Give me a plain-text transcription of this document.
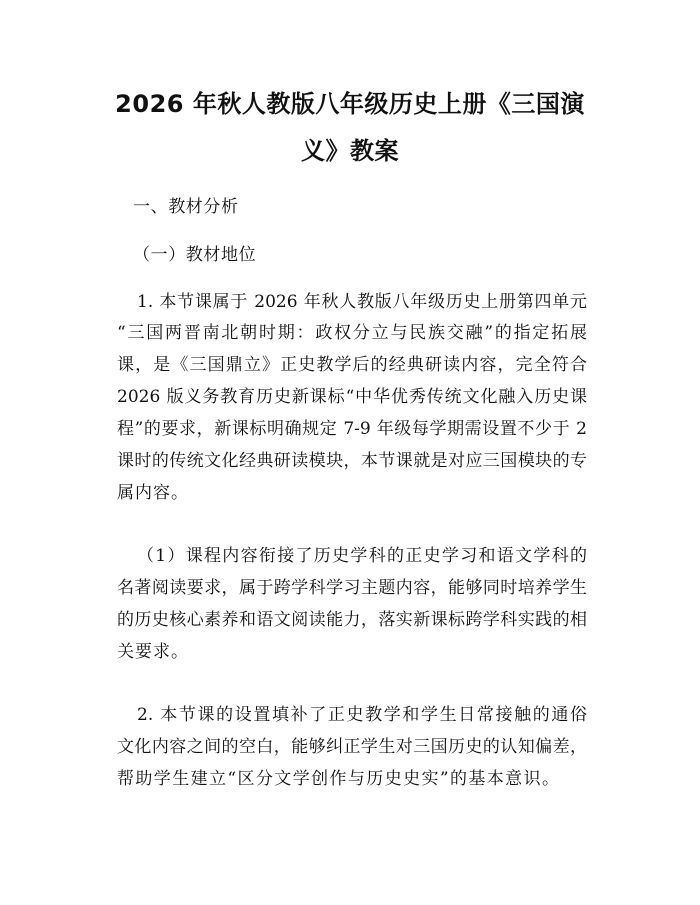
2026 年秋人教版八年级历史上册《三国演
义》教案
一、教材分析
（一）教材地位
1. 本节课属于 2026 年秋人教版八年级历史上册第四单元
“三国两晋南北朝时期：政权分立与民族交融”的指定拓展
课，是《三国鼎立》正史教学后的经典研读内容，完全符合
2026 版义务教育历史新课标“中华优秀传统文化融入历史课
程”的要求，新课标明确规定 7-9 年级每学期需设置不少于 2
课时的传统文化经典研读模块，本节课就是对应三国模块的专
属内容。
（1）课程内容衔接了历史学科的正史学习和语文学科的
名著阅读要求，属于跨学科学习主题内容，能够同时培养学生
的历史核心素养和语文阅读能力，落实新课标跨学科实践的相
关要求。
2. 本节课的设置填补了正史教学和学生日常接触的通俗
文化内容之间的空白，能够纠正学生对三国历史的认知偏差，
帮助学生建立“区分文学创作与历史史实”的基本意识。
